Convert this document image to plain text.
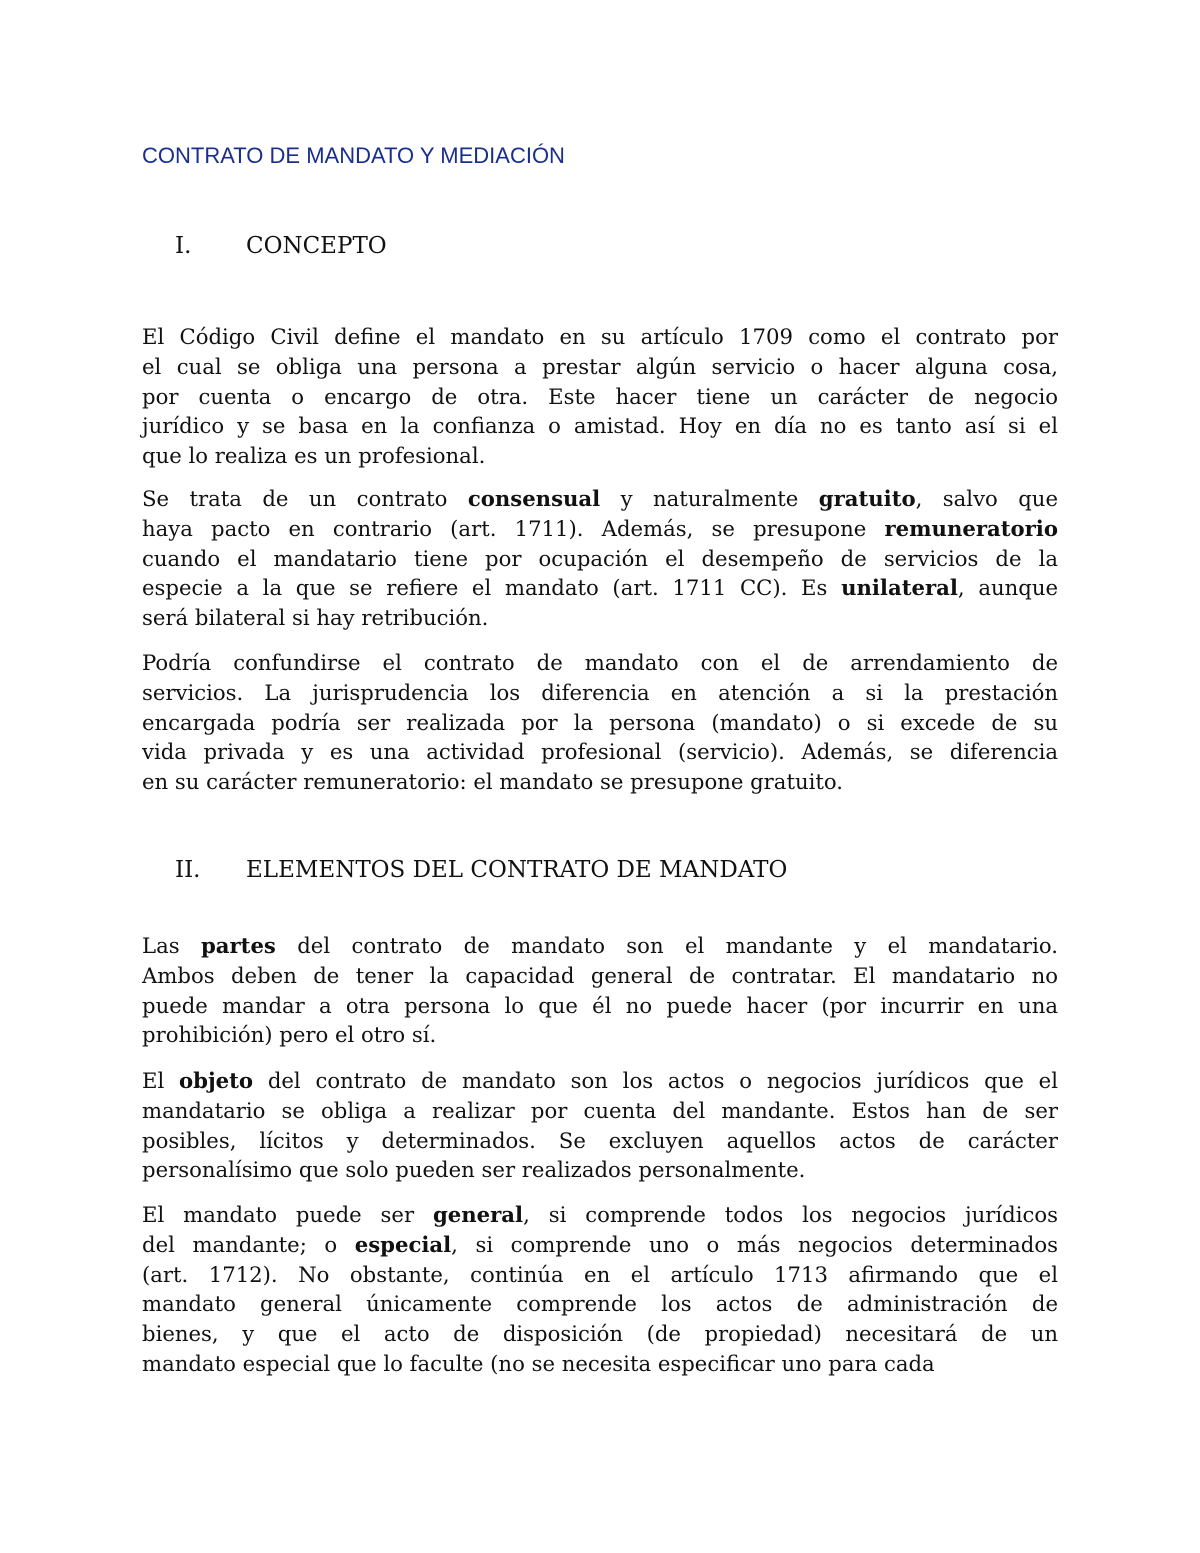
CONTRATO DE MANDATO Y MEDIACIÓN
I. CONCEPTO
El Código Civil define el mandato en su artículo 1709 como el contrato por
el cual se obliga una persona a prestar algún servicio o hacer alguna cosa,
por cuenta o encargo de otra. Este hacer tiene un carácter de negocio
jurídico y se basa en la confianza o amistad. Hoy en día no es tanto así si el
que lo realiza es un profesional.
Se trata de un contrato consensual y naturalmente gratuito, salvo que
haya pacto en contrario (art. 1711). Además, se presupone remuneratorio
cuando el mandatario tiene por ocupación el desempeño de servicios de la
especie a la que se refiere el mandato (art. 1711 CC). Es unilateral, aunque
será bilateral si hay retribución.
Podría confundirse el contrato de mandato con el de arrendamiento de
servicios. La jurisprudencia los diferencia en atención a si la prestación
encargada podría ser realizada por la persona (mandato) o si excede de su
vida privada y es una actividad profesional (servicio). Además, se diferencia
en su carácter remuneratorio: el mandato se presupone gratuito.
II. ELEMENTOS DEL CONTRATO DE MANDATO
Las partes del contrato de mandato son el mandante y el mandatario.
Ambos deben de tener la capacidad general de contratar. El mandatario no
puede mandar a otra persona lo que él no puede hacer (por incurrir en una
prohibición) pero el otro sí.
El objeto del contrato de mandato son los actos o negocios jurídicos que el
mandatario se obliga a realizar por cuenta del mandante. Estos han de ser
posibles, lícitos y determinados. Se excluyen aquellos actos de carácter
personalísimo que solo pueden ser realizados personalmente.
El mandato puede ser general, si comprende todos los negocios jurídicos
del mandante; o especial, si comprende uno o más negocios determinados
(art. 1712). No obstante, continúa en el artículo 1713 afirmando que el
mandato general únicamente comprende los actos de administración de
bienes, y que el acto de disposición (de propiedad) necesitará de un
mandato especial que lo faculte (no se necesita especificar uno para cada
